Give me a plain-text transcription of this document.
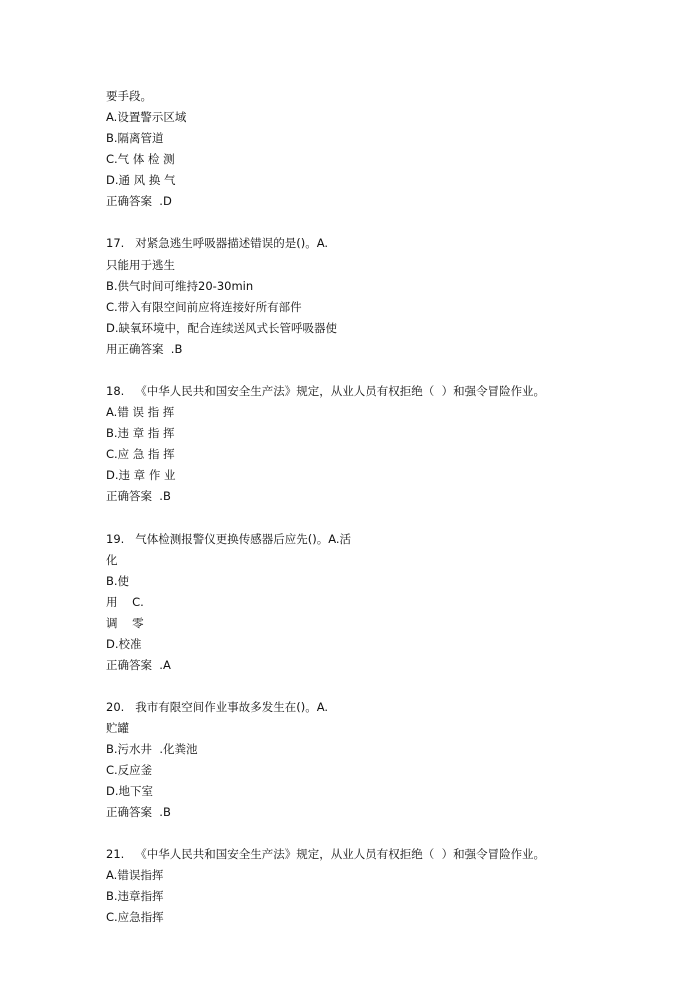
要手段。
A.设置警示区域
B.隔离管道
C.气 体 检 测
D.通 风 换 气
正确答案  .D
17.   对紧急逃生呼吸器描述错误的是()。A.
只能用于逃生
B.供气时间可维持20-30min
C.带入有限空间前应将连接好所有部件
D.缺氧环境中，配合连续送风式长管呼吸器使
用正确答案  .B
18.   《中华人民共和国安全生产法》规定，从业人员有权拒绝（  ）和强令冒险作业。
A.错 误 指 挥
B.违 章 指 挥
C.应 急 指 挥
D.违 章 作 业
正确答案  .B
19.   气体检测报警仪更换传感器后应先()。A.活
化
B.使
用    C.
调    零
D.校准
正确答案  .A
20.   我市有限空间作业事故多发生在()。A.
贮罐
B.污水井  .化粪池
C.反应釜
D.地下室
正确答案  .B
21.   《中华人民共和国安全生产法》规定，从业人员有权拒绝（  ）和强令冒险作业。
A.错误指挥
B.违章指挥
C.应急指挥
